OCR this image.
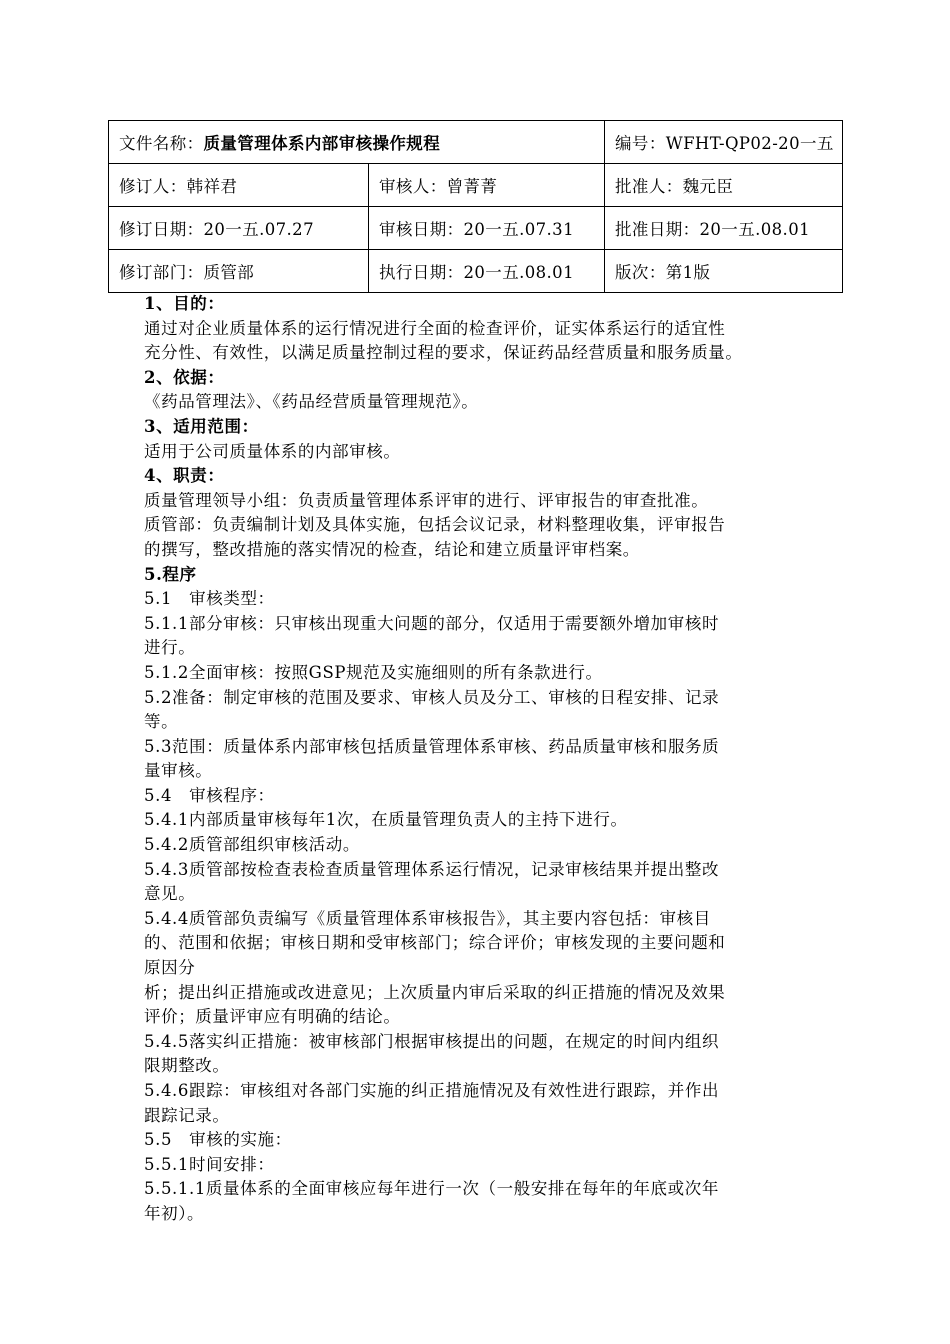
文件名称：质量管理体系内部审核操作规程		编号：WFHT-QP02-20一五
修订人：韩祥君	审核人：曾菁菁	批准人：魏元臣
修订日期：20一五.07.27	审核日期：20一五.07.31	批准日期：20一五.08.01
修订部门：质管部	执行日期：20一五.08.01	版次：第1版

1、目的：

通过对企业质量体系的运行情况进行全面的检查评价，证实体系运行的适宜性

充分性、有效性，以满足质量控制过程的要求，保证药品经营质量和服务质量。

2、依据：

《药品管理法》、《药品经营质量管理规范》。

3、适用范围：

适用于公司质量体系的内部审核。

4、职责：

质量管理领导小组：负责质量管理体系评审的进行、评审报告的审查批准。

质管部：负责编制计划及具体实施，包括会议记录，材料整理收集，评审报告

的撰写，整改措施的落实情况的检查，结论和建立质量评审档案。

5.程序

5.1　审核类型：

5.1.1部分审核：只审核出现重大问题的部分，仅适用于需要额外增加审核时

进行。

5.1.2全面审核：按照GSP规范及实施细则的所有条款进行。

5.2准备：制定审核的范围及要求、审核人员及分工、审核的日程安排、记录

等。

5.3范围：质量体系内部审核包括质量管理体系审核、药品质量审核和服务质

量审核。

5.4　审核程序：

5.4.1内部质量审核每年1次，在质量管理负责人的主持下进行。

5.4.2质管部组织审核活动。

5.4.3质管部按检查表检查质量管理体系运行情况，记录审核结果并提出整改

意见。

5.4.4质管部负责编写《质量管理体系审核报告》，其主要内容包括：审核目

的、范围和依据；审核日期和受审核部门；综合评价；审核发现的主要问题和

原因分

析；提出纠正措施或改进意见；上次质量内审后采取的纠正措施的情况及效果

评价；质量评审应有明确的结论。

5.4.5落实纠正措施：被审核部门根据审核提出的问题，在规定的时间内组织

限期整改。

5.4.6跟踪：审核组对各部门实施的纠正措施情况及有效性进行跟踪，并作出

跟踪记录。

5.5　审核的实施：

5.5.1时间安排：

5.5.1.1质量体系的全面审核应每年进行一次（一般安排在每年的年底或次年

年初）。
